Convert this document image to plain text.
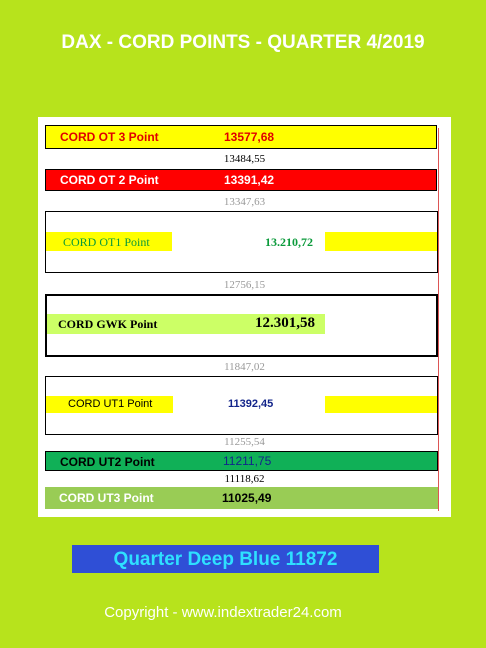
DAX - CORD POINTS - QUARTER 4/2019
CORD OT 3 Point	13577,68
13484,55
CORD OT 2 Point	13391,42
13347,63
CORD OT1 Point	13.210,72
12756,15
CORD GWK Point	12.301,58
11847,02
CORD UT1 Point	11392,45
11255,54
CORD UT2 Point	11211,75
11118,62
CORD UT3 Point	11025,49
Quarter Deep Blue 11872
Copyright - www.indextrader24.com
